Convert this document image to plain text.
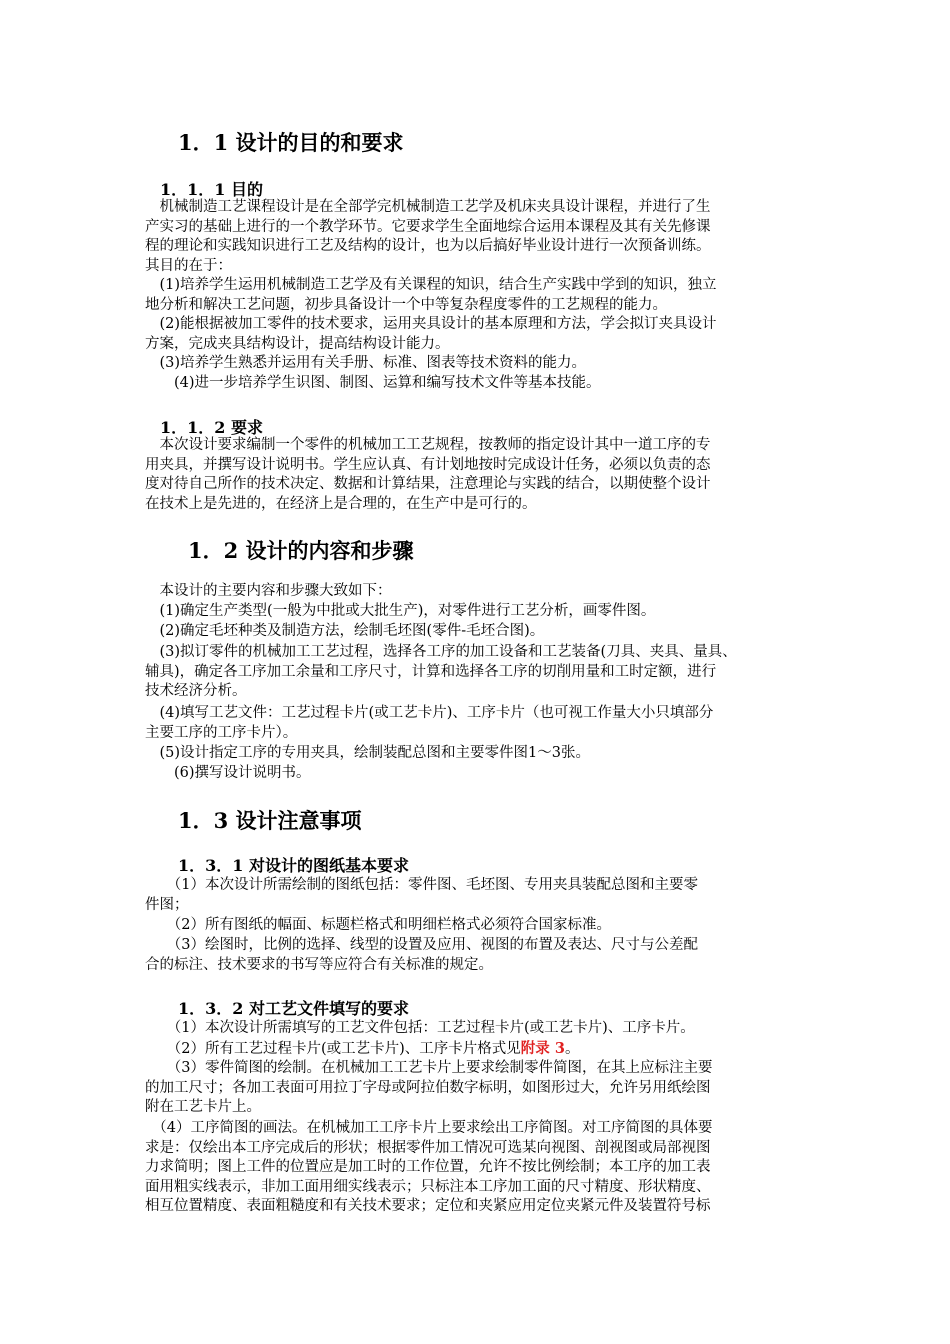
1．1 设计的目的和要求
1．1．1 目的
　机械制造工艺课程设计是在全部学完机械制造工艺学及机床夹具设计课程，并进行了生
产实习的基础上进行的一个教学环节。它要求学生全面地综合运用本课程及其有关先修课
程的理论和实践知识进行工艺及结构的设计，也为以后搞好毕业设计进行一次预备训练。
其目的在于：
　(1)培养学生运用机械制造工艺学及有关课程的知识，结合生产实践中学到的知识，独立
地分析和解决工艺问题，初步具备设计一个中等复杂程度零件的工艺规程的能力。
　(2)能根据被加工零件的技术要求，运用夹具设计的基本原理和方法，学会拟订夹具设计
方案，完成夹具结构设计，提高结构设计能力。
　(3)培养学生熟悉并运用有关手册、标准、图表等技术资料的能力。
　　(4)进一步培养学生识图、制图、运算和编写技术文件等基本技能。
1．1．2 要求
　本次设计要求编制一个零件的机械加工工艺规程，按教师的指定设计其中一道工序的专
用夹具，并撰写设计说明书。学生应认真、有计划地按时完成设计任务，必须以负责的态
度对待自己所作的技术决定、数据和计算结果，注意理论与实践的结合，以期使整个设计
在技术上是先进的，在经济上是合理的，在生产中是可行的。
1．2 设计的内容和步骤
　本设计的主要内容和步骤大致如下：
　(1)确定生产类型(一般为中批或大批生产)，对零件进行工艺分析，画零件图。
　(2)确定毛坯种类及制造方法，绘制毛坯图(零件-毛坯合图)。
　(3)拟订零件的机械加工工艺过程，选择各工序的加工设备和工艺装备(刀具、夹具、量具、
辅具)，确定各工序加工余量和工序尺寸，计算和选择各工序的切削用量和工时定额，进行
技术经济分析。
　(4)填写工艺文件：工艺过程卡片(或工艺卡片)、工序卡片（也可视工作量大小只填部分
主要工序的工序卡片）。
　(5)设计指定工序的专用夹具，绘制装配总图和主要零件图1～3张。
　　(6)撰写设计说明书。
1．3 设计注意事项
1．3．1 对设计的图纸基本要求
　　（1）本次设计所需绘制的图纸包括：零件图、毛坯图、专用夹具装配总图和主要零
件图；
　　（2）所有图纸的幅面、标题栏格式和明细栏格式必须符合国家标准。
　　（3）绘图时，比例的选择、线型的设置及应用、视图的布置及表达、尺寸与公差配
合的标注、技术要求的书写等应符合有关标准的规定。
1．3．2 对工艺文件填写的要求
　　（1）本次设计所需填写的工艺文件包括：工艺过程卡片(或工艺卡片)、工序卡片。
　　（2）所有工艺过程卡片(或工艺卡片)、工序卡片格式见附录 3。
　　（3）零件简图的绘制。在机械加工工艺卡片上要求绘制零件简图，在其上应标注主要
的加工尺寸；各加工表面可用拉丁字母或阿拉伯数字标明，如图形过大，允许另用纸绘图
附在工艺卡片上。
　（4）工序简图的画法。在机械加工工序卡片上要求绘出工序简图。对工序简图的具体要
求是：仅绘出本工序完成后的形状；根据零件加工情况可选某向视图、剖视图或局部视图
力求简明；图上工件的位置应是加工时的工作位置，允许不按比例绘制；本工序的加工表
面用粗实线表示，非加工面用细实线表示；只标注本工序加工面的尺寸精度、形状精度、
相互位置精度、表面粗糙度和有关技术要求；定位和夹紧应用定位夹紧元件及装置符号标
